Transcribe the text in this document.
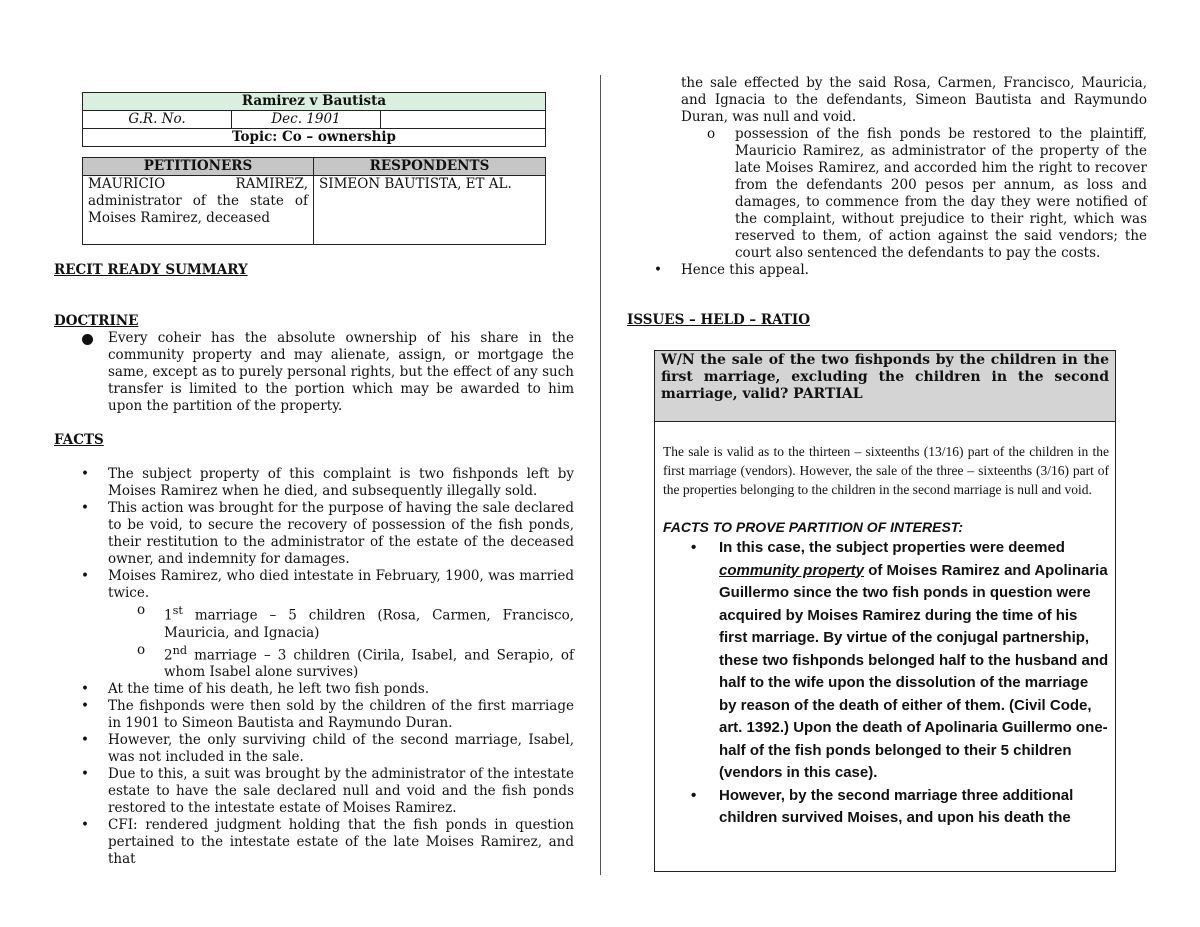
Ramirez v Bautista
G.R. No.	Dec. 1901	
Topic: Co – ownership
PETITIONERS	RESPONDENTS
MAURICIO RAMIREZ, administrator of the state of Moises Ramirez, deceased	SIMEON BAUTISTA, ET AL.

RECIT READY SUMMARY

DOCTRINE

Every coheir has the absolute ownership of his share in the community property and may alienate, assign, or mortgage the same, except as to purely personal rights, but the effect of any such transfer is limited to the portion which may be awarded to him upon the partition of the property.

FACTS

• The subject property of this complaint is two fishponds left by Moises Ramirez when he died, and subsequently illegally sold.
• This action was brought for the purpose of having the sale declared to be void, to secure the recovery of possession of the fish ponds, their restitution to the administrator of the estate of the deceased owner, and indemnity for damages.
• Moises Ramirez, who died intestate in February, 1900, was married twice.
o 1st marriage – 5 children (Rosa, Carmen, Francisco, Mauricia, and Ignacia)
o 2nd marriage – 3 children (Cirila, Isabel, and Serapio, of whom Isabel alone survives)
• At the time of his death, he left two fish ponds.
• The fishponds were then sold by the children of the first marriage in 1901 to Simeon Bautista and Raymundo Duran.
• However, the only surviving child of the second marriage, Isabel, was not included in the sale.
• Due to this, a suit was brought by the administrator of the intestate estate to have the sale declared null and void and the fish ponds restored to the intestate estate of Moises Ramirez.
• CFI: rendered judgment holding that the fish ponds in question pertained to the intestate estate of the late Moises Ramirez, and that
the sale effected by the said Rosa, Carmen, Francisco, Mauricia, and Ignacia to the defendants, Simeon Bautista and Raymundo Duran, was null and void.
o possession of the fish ponds be restored to the plaintiff, Mauricio Ramirez, as administrator of the property of the late Moises Ramirez, and accorded him the right to recover from the defendants 200 pesos per annum, as loss and damages, to commence from the day they were notified of the complaint, without prejudice to their right, which was reserved to them, of action against the said vendors; the court also sentenced the defendants to pay the costs.
• Hence this appeal.

ISSUES – HELD – RATIO

W/N the sale of the two fishponds by the children in the first marriage, excluding the children in the second marriage, valid? PARTIAL
The sale is valid as to the thirteen – sixteenths (13/16) part of the children in the first marriage (vendors). However, the sale of the three – sixteenths (3/16) part of the properties belonging to the children in the second marriage is null and void.

FACTS TO PROVE PARTITION OF INTEREST:

• In this case, the subject properties were deemed community property of Moises Ramirez and Apolinaria Guillermo since the two fish ponds in question were acquired by Moises Ramirez during the time of his first marriage. By virtue of the conjugal partnership, these two fishponds belonged half to the husband and half to the wife upon the dissolution of the marriage by reason of the death of either of them. (Civil Code, art. 1392.) Upon the death of Apolinaria Guillermo one-half of the fish ponds belonged to their 5 children (vendors in this case).
• However, by the second marriage three additional children survived Moises, and upon his death the
